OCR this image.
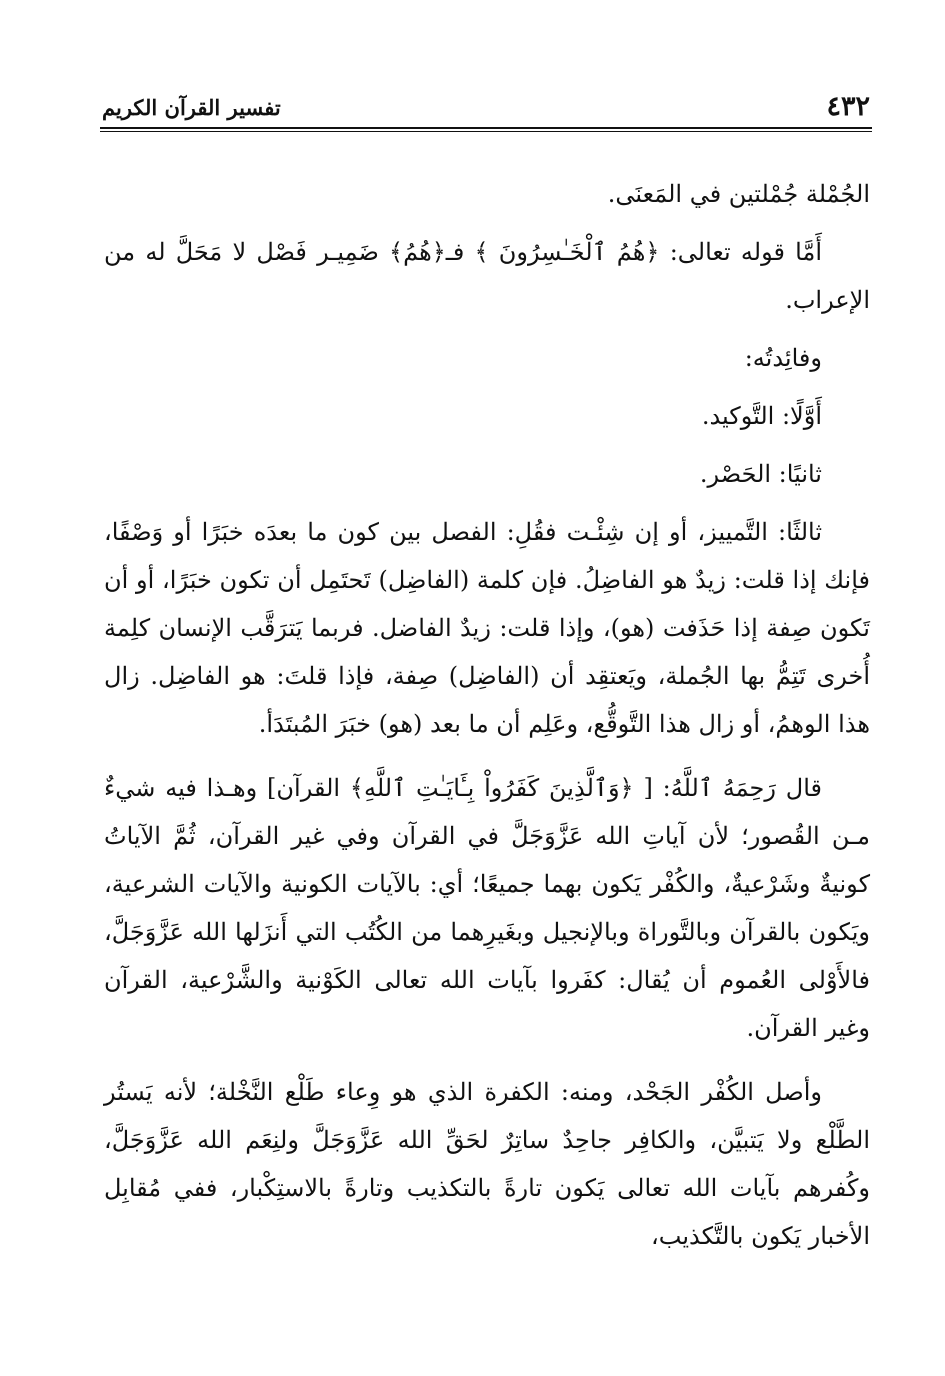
٤٣٢
تفسير القرآن الكريم

الجُمْلة جُمْلتين في المَعنَى.

أَمَّا قوله تعالى: ﴿هُمُ ٱلْخَـٰسِرُونَ ﴾ فـ﴿هُمُ﴾ ضَمِيـر فَصْل لا مَحَلَّ له من الإعراب.

وفائِدتُه:

أَوَّلًا: التَّوكيد.

ثانيًا: الحَصْر.

ثالثًا: التَّمييز، أو إن شِئْـت فقُلِ: الفصل بين كون ما بعدَه خبَرًا أو وَصْفًا، فإنك إذا قلت: زيدٌ هو الفاضِلُ. فإن كلمة (الفاضِل) تَحتَمِل أن تكون خبَرًا، أو أن تَكون صِفة إذا حَذَفت (هو)، وإذا قلت: زيدٌ الفاضل. فربما يَترَقَّب الإنسان كلِمة أُخرى تَتِمُّ بها الجُملة، ويَعتقِد أن (الفاضِل) صِفة، فإذا قلتَ: هو الفاضِل. زال هذا الوهمُ، أو زال هذا التَّوقُّع، وعَلِم أن ما بعد (هو) خبَرَ المُبتَدَأ.

قال رَحِمَهُ ٱللَّهُ: [ ﴿وَٱلَّذِينَ كَفَرُواْ بِـَٔايَـٰتِ ٱللَّهِ﴾ القرآن] وهـذا فيه شيءٌ مـن القُصور؛ لأن آياتِ الله عَزَّوَجَلَّ في القرآن وفي غير القرآن، ثُمَّ الآياتُ كونيةٌ وشَرْعيةٌ، والكُفْر يَكون بهما جميعًا؛ أي: بالآيات الكونية والآيات الشرعية، ويَكون بالقرآن وبالتَّوراة وبالإنجيل وبغَيرِهما من الكُتُب التي أَنزَلها الله عَزَّوَجَلَّ، فالأَوْلى العُموم أن يُقال: كفَروا بآيات الله تعالى الكَوْنية والشَّرْعية، القرآن وغير القرآن.

وأصل الكُفْر الجَحْد، ومنه: الكفرة الذي هو وِعاء طَلْع النَّخْلة؛ لأنه يَستُر الطَّلْع ولا يَتبيَّن، والكافِر جاحِدٌ ساتِرٌ لحَقِّ الله عَزَّوَجَلَّ ولنِعَم الله عَزَّوَجَلَّ، وكُفرهم بآيات الله تعالى يَكون تارةً بالتكذيب وتارةً بالاستِكْبار، ففي مُقابِل الأخبار يَكون بالتَّكذيب،
